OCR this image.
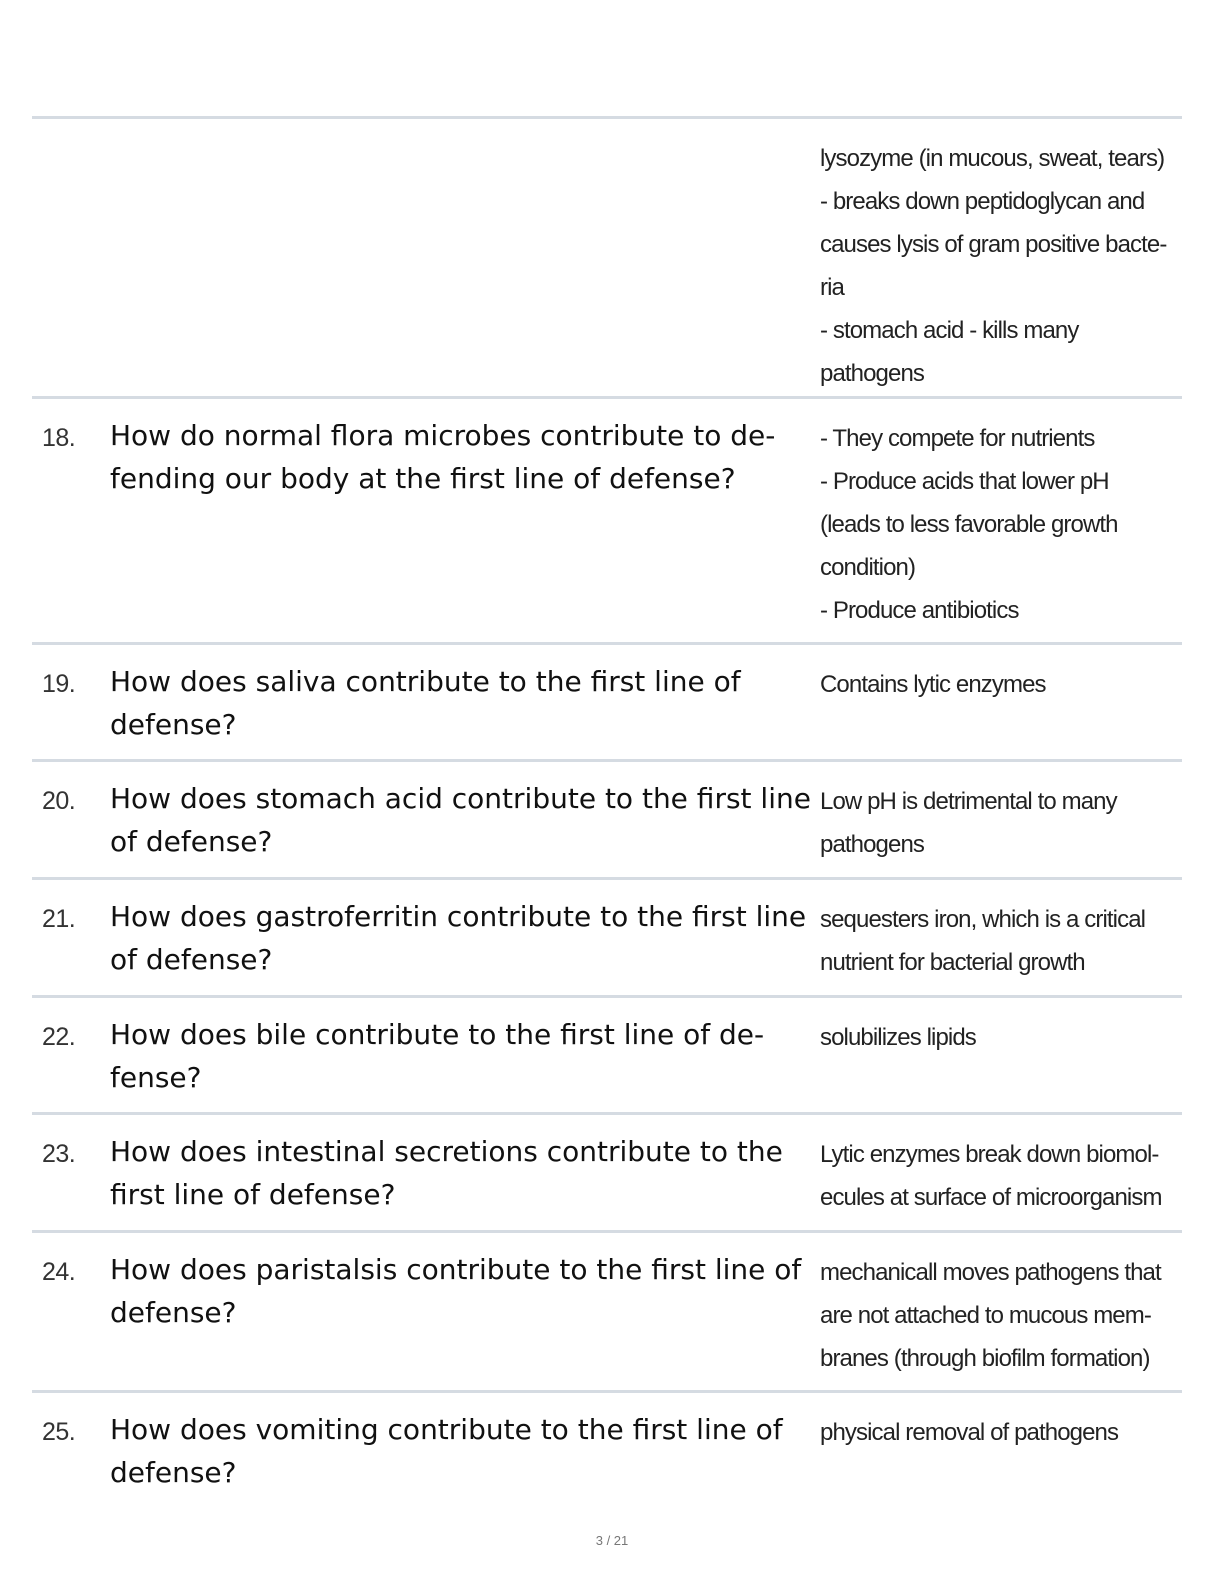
lysozyme (in mucous, sweat, tears)
- breaks down peptidoglycan and
causes lysis of gram positive bacte-
ria
- stomach acid - kills many
pathogens
18. How do normal flora microbes contribute to de-fending our body at the first line of defense?
- They compete for nutrients
- Produce acids that lower pH
(leads to less favorable growth
condition)
- Produce antibiotics
19. How does saliva contribute to the first line of defense?
Contains lytic enzymes
20. How does stomach acid contribute to the first line of defense?
Low pH is detrimental to many
pathogens
21. How does gastroferritin contribute to the first line of defense?
sequesters iron, which is a critical
nutrient for bacterial growth
22. How does bile contribute to the first line of de-fense?
solubilizes lipids
23. How does intestinal secretions contribute to the first line of defense?
Lytic enzymes break down biomol-
ecules at surface of microorganism
24. How does paristalsis contribute to the first line of defense?
mechanicall moves pathogens that
are not attached to mucous mem-
branes (through biofilm formation)
25. How does vomiting contribute to the first line of defense?
physical removal of pathogens
3 / 21
